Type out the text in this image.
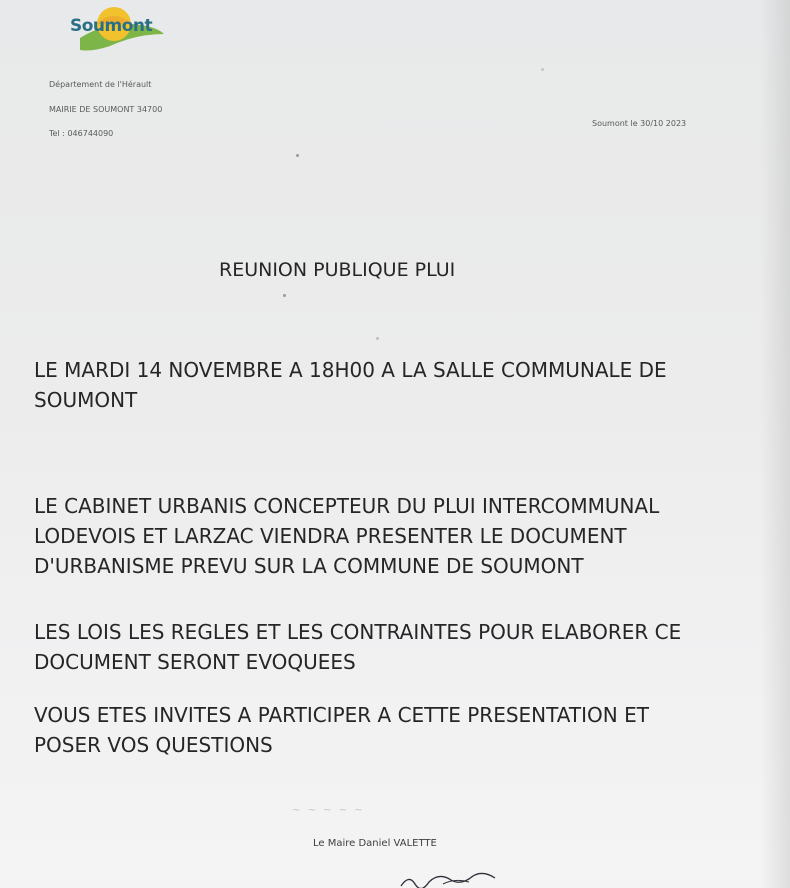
Soumont
Département de l'Hérault
MAIRIE DE SOUMONT 34700
Tel : 046744090
Soumont le 30/10 2023
REUNION PUBLIQUE PLUI
LE MARDI 14 NOVEMBRE A 18H00 A LA SALLE COMMUNALE DE
SOUMONT
LE CABINET URBANIS CONCEPTEUR DU PLUI INTERCOMMUNAL
LODEVOIS ET LARZAC VIENDRA PRESENTER LE DOCUMENT
D'URBANISME PREVU SUR LA COMMUNE DE SOUMONT
LES LOIS LES REGLES ET LES CONTRAINTES POUR ELABORER CE
DOCUMENT SERONT EVOQUEES
VOUS ETES INVITES A PARTICIPER A CETTE PRESENTATION ET
POSER VOS QUESTIONS
~ ~ ~ ~ ~
Le Maire Daniel VALETTE
